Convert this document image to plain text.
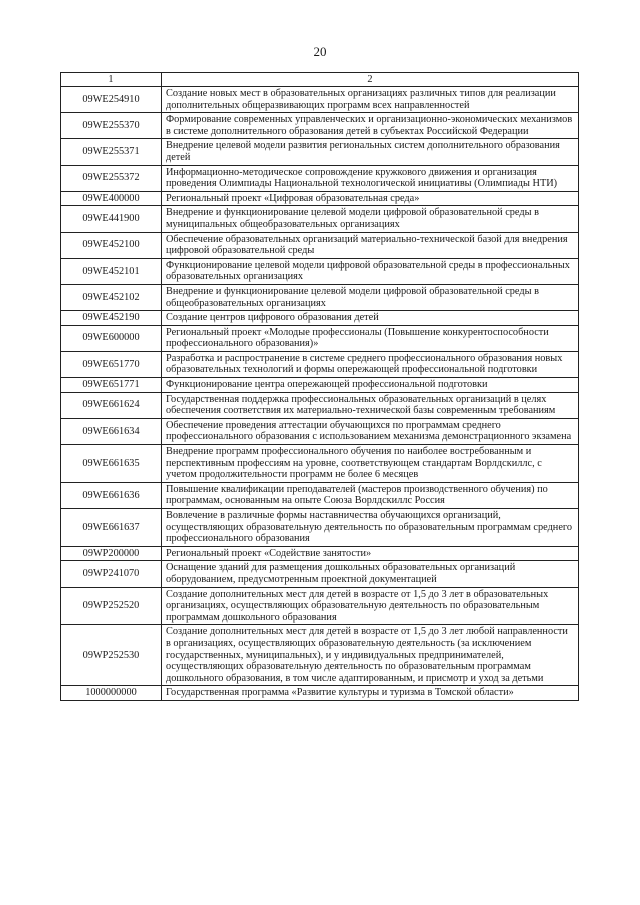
20
1	2
09WE254910	Создание новых мест в образовательных организациях различных типов для реализации дополнительных общеразвивающих программ всех направленностей
09WE255370	Формирование современных управленческих и организационно-экономических механизмов в системе дополнительного образования детей в субъектах Российской Федерации
09WE255371	Внедрение целевой модели развития региональных систем дополнительного образования детей
09WE255372	Информационно-методическое сопровождение кружкового движения и организация проведения Олимпиады Национальной технологической инициативы (Олимпиады НТИ)
09WE400000	Региональный проект «Цифровая образовательная среда»
09WE441900	Внедрение и функционирование целевой модели цифровой образовательной среды в муниципальных общеобразовательных организациях
09WE452100	Обеспечение образовательных организаций материально-технической базой для внедрения цифровой образовательной среды
09WE452101	Функционирование целевой модели цифровой образовательной среды в профессиональных образовательных организациях
09WE452102	Внедрение и функционирование целевой модели цифровой образовательной среды в общеобразовательных организациях
09WE452190	Создание центров цифрового образования детей
09WE600000	Региональный проект «Молодые профессионалы (Повышение конкурентоспособности профессионального образования)»
09WE651770	Разработка и распространение в системе среднего профессионального образования новых образовательных технологий и формы опережающей профессиональной подготовки
09WE651771	Функционирование центра опережающей профессиональной подготовки
09WE661624	Государственная поддержка профессиональных образовательных организаций в целях обеспечения соответствия их материально-технической базы современным требованиям
09WE661634	Обеспечение проведения аттестации обучающихся по программам среднего профессионального образования с использованием механизма демонстрационного экзамена
09WE661635	Внедрение программ профессионального обучения по наиболее востребованным и перспективным профессиям на уровне, соответствующем стандартам Ворлдскиллс, с учетом продолжительности программ не более 6 месяцев
09WE661636	Повышение квалификации преподавателей (мастеров производственного обучения) по программам, основанным на опыте Союза Ворлдскиллс Россия
09WE661637	Вовлечение в различные формы наставничества обучающихся организаций, осуществляющих образовательную деятельность по образовательным программам среднего профессионального образования
09WP200000	Региональный проект «Содействие занятости»
09WP241070	Оснащение зданий для размещения дошкольных образовательных организаций оборудованием, предусмотренным проектной документацией
09WP252520	Создание дополнительных мест для детей в возрасте от 1,5 до 3 лет в образовательных организациях, осуществляющих образовательную деятельность по образовательным программам дошкольного образования
09WP252530	Создание дополнительных мест для детей в возрасте от 1,5 до 3 лет любой направленности в организациях, осуществляющих образовательную деятельность (за исключением государственных, муниципальных), и у индивидуальных предпринимателей, осуществляющих образовательную деятельность по образовательным программам дошкольного образования, в том числе адаптированным, и присмотр и уход за детьми
1000000000	Государственная программа «Развитие культуры и туризма в Томской области»
